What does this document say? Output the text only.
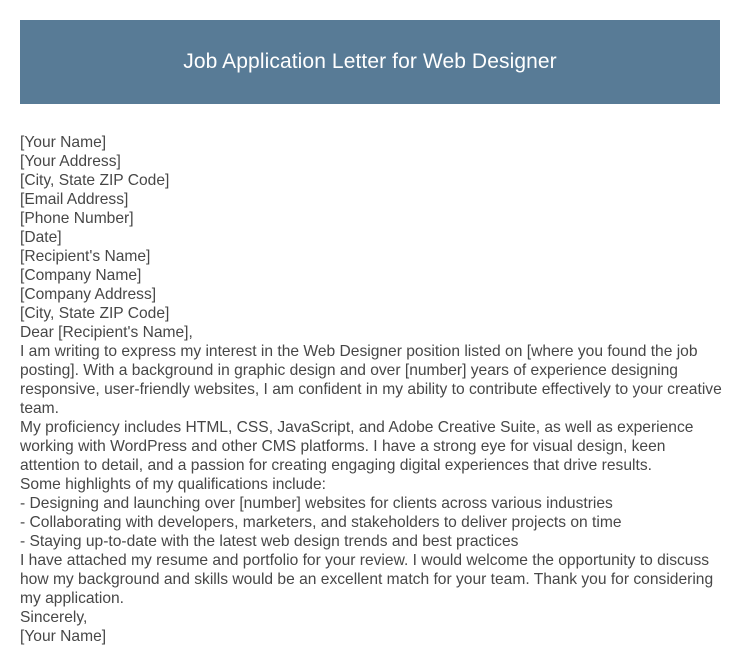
Job Application Letter for Web Designer
[Your Name]
[Your Address]
[City, State ZIP Code]
[Email Address]
[Phone Number]
[Date]
[Recipient's Name]
[Company Name]
[Company Address]
[City, State ZIP Code]
Dear [Recipient's Name],
I am writing to express my interest in the Web Designer position listed on [where you found the job posting]. With a background in graphic design and over [number] years of experience designing responsive, user-friendly websites, I am confident in my ability to contribute effectively to your creative team.
My proficiency includes HTML, CSS, JavaScript, and Adobe Creative Suite, as well as experience working with WordPress and other CMS platforms. I have a strong eye for visual design, keen attention to detail, and a passion for creating engaging digital experiences that drive results.
Some highlights of my qualifications include:
- Designing and launching over [number] websites for clients across various industries
- Collaborating with developers, marketers, and stakeholders to deliver projects on time
- Staying up-to-date with the latest web design trends and best practices
I have attached my resume and portfolio for your review. I would welcome the opportunity to discuss how my background and skills would be an excellent match for your team. Thank you for considering my application.
Sincerely,
[Your Name]
